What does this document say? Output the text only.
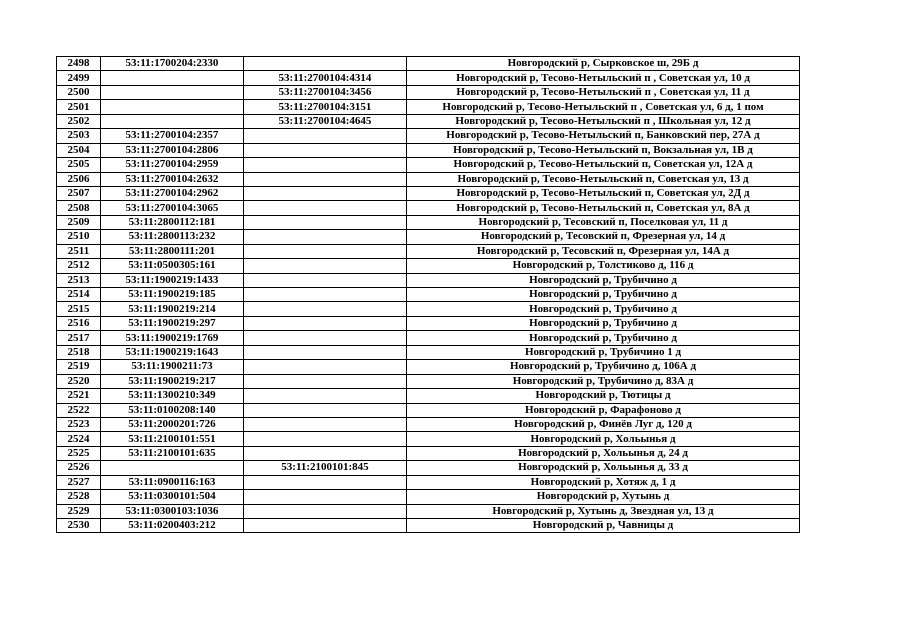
2498	53:11:1700204:2330		Новгородский р, Сырковское ш, 29Б д
2499		53:11:2700104:4314	Новгородский р, Тесово-Нетыльский п , Советская ул, 10 д
2500		53:11:2700104:3456	Новгородский р, Тесово-Нетыльский п , Советская ул, 11 д
2501		53:11:2700104:3151	Новгородский р, Тесово-Нетыльский п , Советская ул, 6 д, 1 пом
2502		53:11:2700104:4645	Новгородский р, Тесово-Нетыльский п , Школьная ул, 12 д
2503	53:11:2700104:2357		Новгородский р, Тесово-Нетыльский п, Банковский пер, 27А д
2504	53:11:2700104:2806		Новгородский р, Тесово-Нетыльский п, Вокзальная ул, 1В д
2505	53:11:2700104:2959		Новгородский р, Тесово-Нетыльский п, Советская ул, 12А д
2506	53:11:2700104:2632		Новгородский р, Тесово-Нетыльский п, Советская ул, 13 д
2507	53:11:2700104:2962		Новгородский р, Тесово-Нетыльский п, Советская ул, 2Д д
2508	53:11:2700104:3065		Новгородский р, Тесово-Нетыльский п, Советская ул, 8А д
2509	53:11:2800112:181		Новгородский р, Тесовский п, Поселковая ул, 11 д
2510	53:11:2800113:232		Новгородский р, Тесовский п, Фрезерная ул, 14 д
2511	53:11:2800111:201		Новгородский р, Тесовский п, Фрезерная ул, 14А д
2512	53:11:0500305:161		Новгородский р, Толстиково д, 116 д
2513	53:11:1900219:1433		Новгородский р, Трубичино д
2514	53:11:1900219:185		Новгородский р, Трубичино д
2515	53:11:1900219:214		Новгородский р, Трубичино д
2516	53:11:1900219:297		Новгородский р, Трубичино д
2517	53:11:1900219:1769		Новгородский р, Трубичино д
2518	53:11:1900219:1643		Новгородский р, Трубичино 1 д
2519	53:11:1900211:73		Новгородский р, Трубичино д, 106А д
2520	53:11:1900219:217		Новгородский р, Трубичино д, 83А д
2521	53:11:1300210:349		Новгородский р, Тютицы д
2522	53:11:0100208:140		Новгородский р, Фарафоново д
2523	53:11:2000201:726		Новгородский р, Финёв Луг д, 120 д
2524	53:11:2100101:551		Новгородский р, Хольынья д
2525	53:11:2100101:635		Новгородский р, Хольынья д, 24 д
2526		53:11:2100101:845	Новгородский р, Хольынья д, 33 д
2527	53:11:0900116:163		Новгородский р, Хотяж д, 1 д
2528	53:11:0300101:504		Новгородский р, Хутынь д
2529	53:11:0300103:1036		Новгородский р, Хутынь д, Звездная ул, 13 д
2530	53:11:0200403:212		Новгородский р, Чавницы д
